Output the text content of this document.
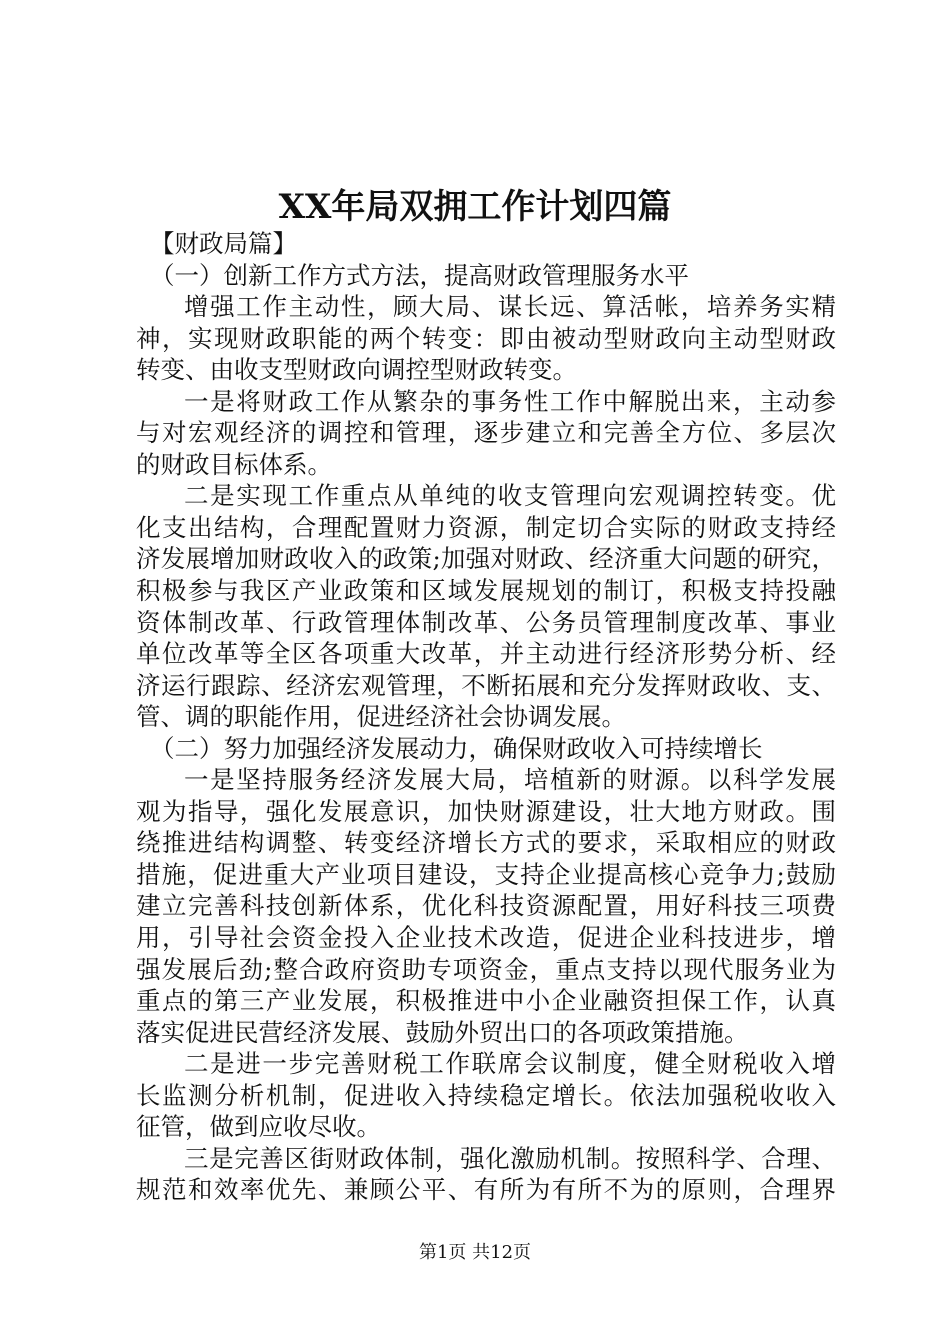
XX年局双拥工作计划四篇
【财政局篇】
（一）创新工作方式方法，提高财政管理服务水平
增强工作主动性，顾大局、谋长远、算活帐，培养务实精
神，实现财政职能的两个转变：即由被动型财政向主动型财政
转变、由收支型财政向调控型财政转变。
一是将财政工作从繁杂的事务性工作中解脱出来，主动参
与对宏观经济的调控和管理，逐步建立和完善全方位、多层次
的财政目标体系。
二是实现工作重点从单纯的收支管理向宏观调控转变。优
化支出结构，合理配置财力资源，制定切合实际的财政支持经
济发展增加财政收入的政策;加强对财政、经济重大问题的研究，
积极参与我区产业政策和区域发展规划的制订，积极支持投融
资体制改革、行政管理体制改革、公务员管理制度改革、事业
单位改革等全区各项重大改革，并主动进行经济形势分析、经
济运行跟踪、经济宏观管理，不断拓展和充分发挥财政收、支、
管、调的职能作用，促进经济社会协调发展。
（二）努力加强经济发展动力，确保财政收入可持续增长
一是坚持服务经济发展大局，培植新的财源。以科学发展
观为指导，强化发展意识，加快财源建设，壮大地方财政。围
绕推进结构调整、转变经济增长方式的要求，采取相应的财政
措施，促进重大产业项目建设，支持企业提高核心竞争力;鼓励
建立完善科技创新体系，优化科技资源配置，用好科技三项费
用，引导社会资金投入企业技术改造，促进企业科技进步，增
强发展后劲;整合政府资助专项资金，重点支持以现代服务业为
重点的第三产业发展，积极推进中小企业融资担保工作，认真
落实促进民营经济发展、鼓励外贸出口的各项政策措施。
二是进一步完善财税工作联席会议制度，健全财税收入增
长监测分析机制，促进收入持续稳定增长。依法加强税收收入
征管，做到应收尽收。
三是完善区街财政体制，强化激励机制。按照科学、合理、
规范和效率优先、兼顾公平、有所为有所不为的原则，合理界
第1页 共12页
